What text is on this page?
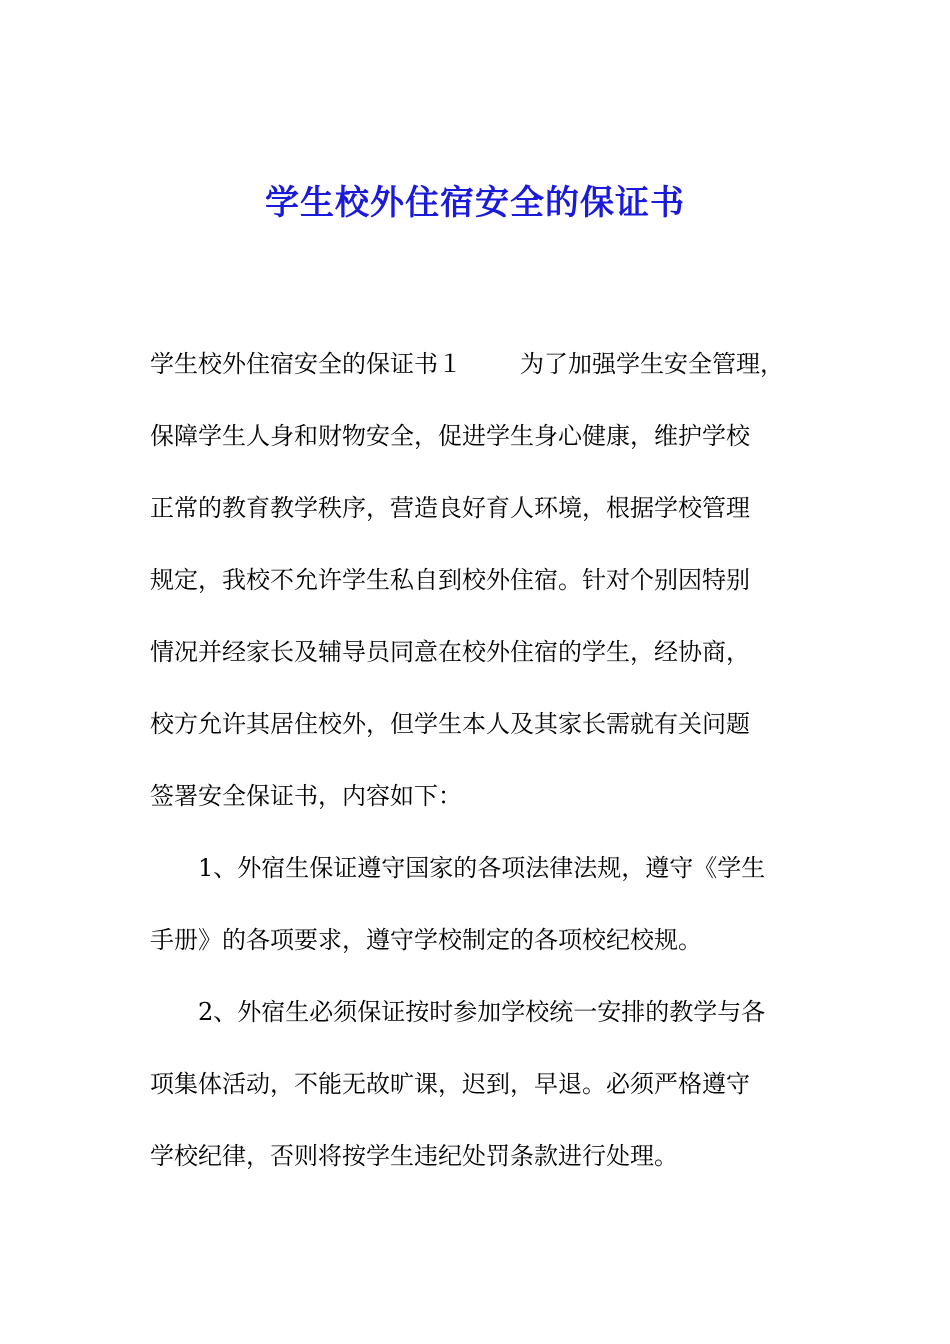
学生校外住宿安全的保证书
学生校外住宿安全的保证书１ 为了加强学生安全管理，
保障学生人身和财物安全，促进学生身心健康，维护学校
正常的教育教学秩序，营造良好育人环境，根据学校管理
规定，我校不允许学生私自到校外住宿。针对个别因特别
情况并经家长及辅导员同意在校外住宿的学生，经协商，
校方允许其居住校外，但学生本人及其家长需就有关问题
签署安全保证书，内容如下：
1、外宿生保证遵守国家的各项法律法规，遵守《学生
手册》的各项要求，遵守学校制定的各项校纪校规。
2、外宿生必须保证按时参加学校统一安排的教学与各
项集体活动，不能无故旷课，迟到，早退。必须严格遵守
学校纪律，否则将按学生违纪处罚条款进行处理。
